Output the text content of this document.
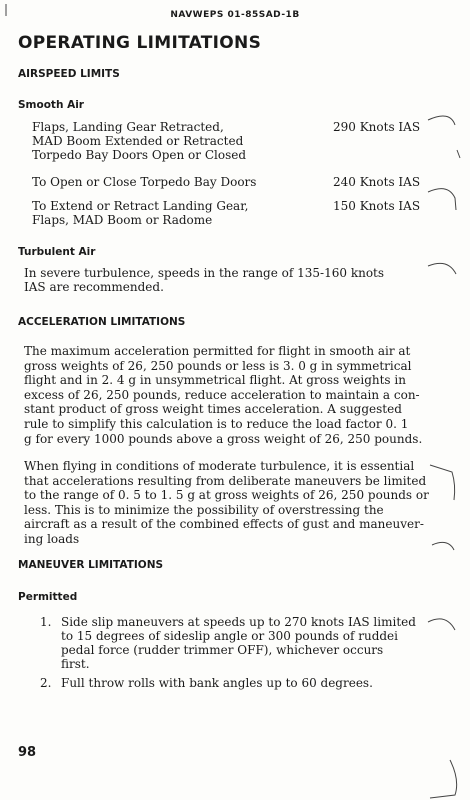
NAVWEPS 01-85SAD-1B
OPERATING LIMITATIONS
AIRSPEED LIMITS
Smooth Air
Flaps, Landing Gear Retracted,
MAD Boom Extended or Retracted
Torpedo Bay Doors Open or Closed
290 Knots IAS
To Open or Close Torpedo Bay Doors	240 Knots IAS
To Extend or Retract Landing Gear,
Flaps, MAD Boom or Radome
150 Knots IAS
Turbulent Air
In severe turbulence, speeds in the range of 135-160 knots
IAS are recommended.
ACCELERATION LIMITATIONS
The maximum acceleration permitted for flight in smooth air at
gross weights of 26, 250 pounds or less is 3. 0 g in symmetrical
flight and in 2. 4 g in unsymmetrical flight. At gross weights in
excess of 26, 250 pounds, reduce acceleration to maintain a con-
stant product of gross weight times acceleration. A suggested
rule to simplify this calculation is to reduce the load factor 0. 1
g for every 1000 pounds above a gross weight of 26, 250 pounds.
When flying in conditions of moderate turbulence, it is essential
that accelerations resulting from deliberate maneuvers be limited
to the range of 0. 5 to 1. 5 g at gross weights of 26, 250 pounds or
less. This is to minimize the possibility of overstressing the
aircraft as a result of the combined effects of gust and maneuver-
ing loads
MANEUVER LIMITATIONS
Permitted
1. Side slip maneuvers at speeds up to 270 knots IAS limited
to 15 degrees of sideslip angle or 300 pounds of ruddei
pedal force (rudder trimmer OFF), whichever occurs
first.
2. Full throw rolls with bank angles up to 60 degrees.
98
